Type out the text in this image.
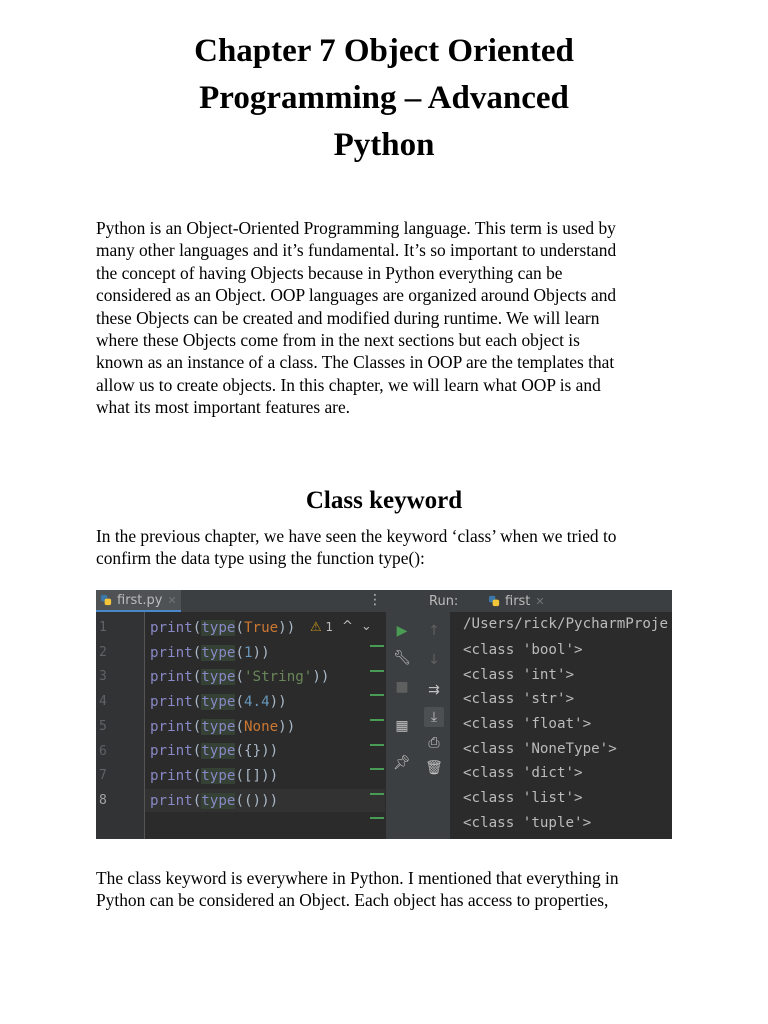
Chapter 7 Object Oriented
Programming – Advanced
Python

Python is an Object-Oriented Programming language. This term is used by
many other languages and it’s fundamental. It’s so important to understand
the concept of having Objects because in Python everything can be
considered as an Object. OOP languages are organized around Objects and
these Objects can be created and modified during runtime. We will learn
where these Objects come from in the next sections but each object is
known as an instance of a class. The Classes in OOP are the templates that
allow us to create objects. In this chapter, we will learn what OOP is and
what its most important features are.

Class keyword

In the previous chapter, we have seen the keyword ‘class’ when we tried to
confirm the data type using the function type():

first.py ✕	⋮	Run:	first ✕
1
2
3
4
5
6
7
8
print(type(True))
print(type(1))
print(type('String'))
print(type(4.4))
print(type(None))
print(type({}))
print(type([]))
print(type(()))
⚠ 1 ^⌄ ▶
🔧︎
■
▦
📌︎
↑
↓
⇉
⤓
⎙
🗑︎
/Users/rick/PycharmProje
<class 'bool'>
<class 'int'>
<class 'str'>
<class 'float'>
<class 'NoneType'>
<class 'dict'>
<class 'list'>
<class 'tuple'>

The class keyword is everywhere in Python. I mentioned that everything in
Python can be considered an Object. Each object has access to properties,
